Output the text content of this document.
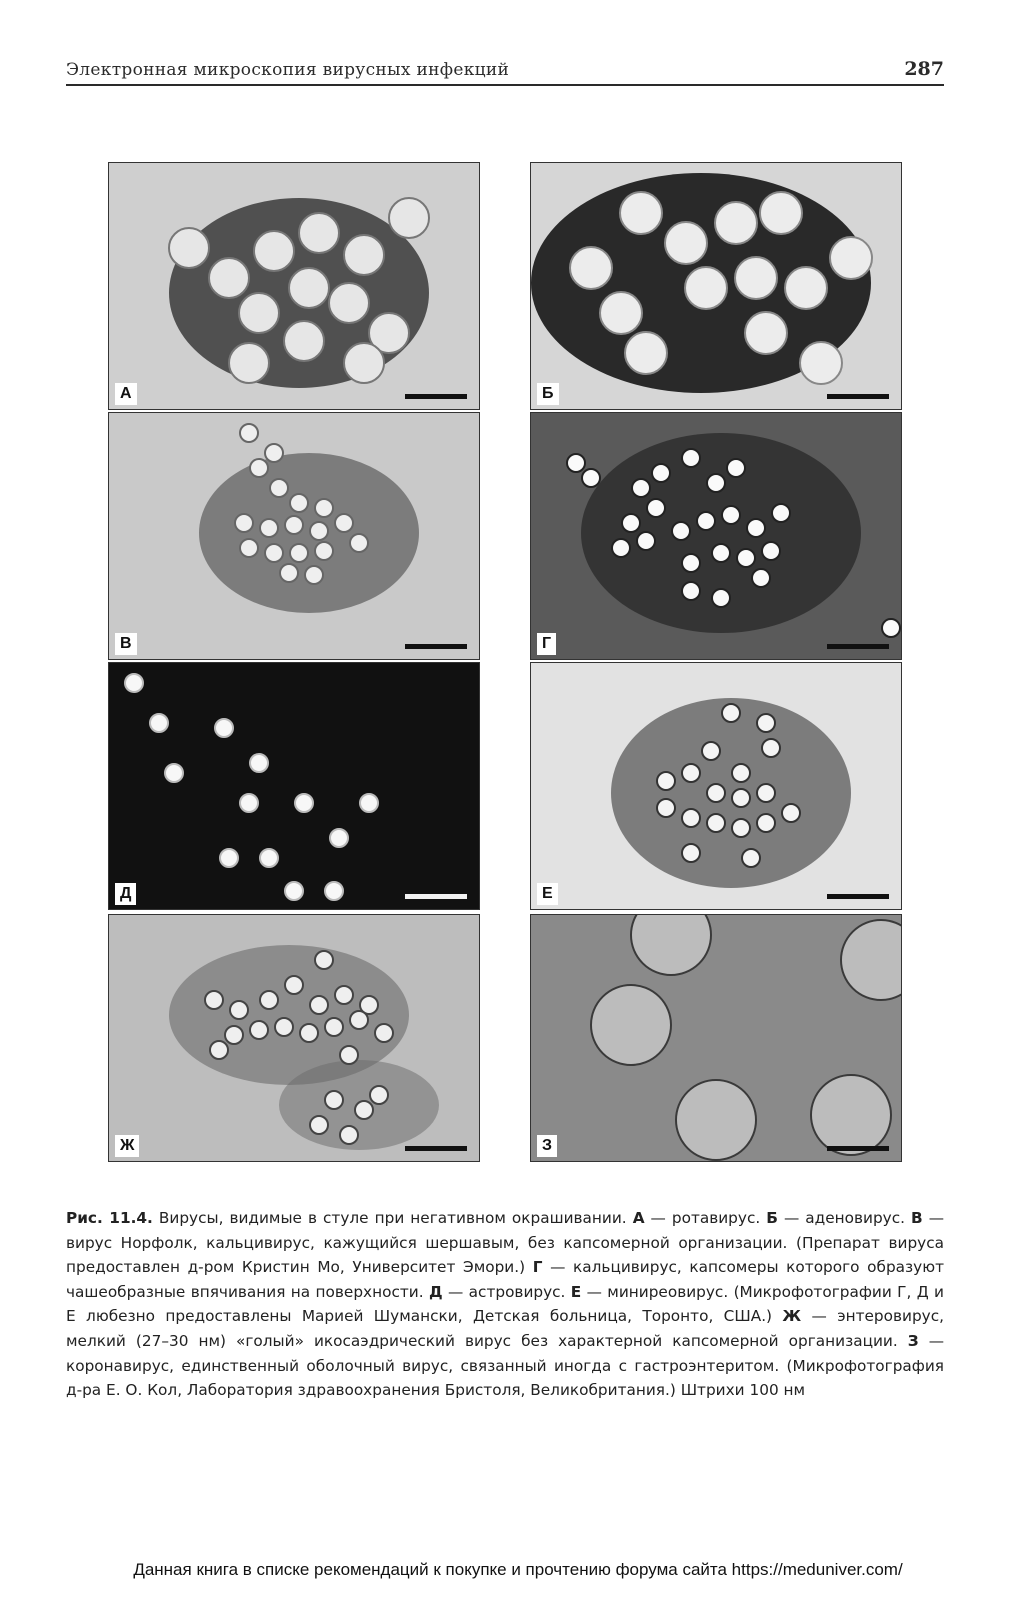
Электронная микроскопия вирусных инфекций	287
А	Б
В	Г
Д	Е
Ж	З
Рис. 11.4. Вирусы, видимые в стуле при негативном окрашивании. А — ротавирус. Б — аденовирус. В — вирус Норфолк, кальцивирус, кажущийся шершавым, без капсомерной организации. (Препарат вируса предоставлен д-ром Кристин Мо, Университет Эмори.) Г — кальцивирус, капсомеры которого образуют чашеобразные впячивания на поверхности. Д — астровирус. Е — миниреовирус. (Микрофотографии Г, Д и Е любезно предоставлены Марией Шумански, Детская больница, Торонто, США.) Ж — энтеровирус, мелкий (27–30 нм) «голый» икосаэдрический вирус без характерной капсомерной организации. З — коронавирус, единственный оболочный вирус, связанный иногда с гастроэнтеритом. (Микрофотография д-ра Е. О. Кол, Лаборатория здравоохранения Бристоля, Великобритания.) Штрихи 100 нм
Данная книга в списке рекомендаций к покупке и прочтению форума сайта https://meduniver.com/
